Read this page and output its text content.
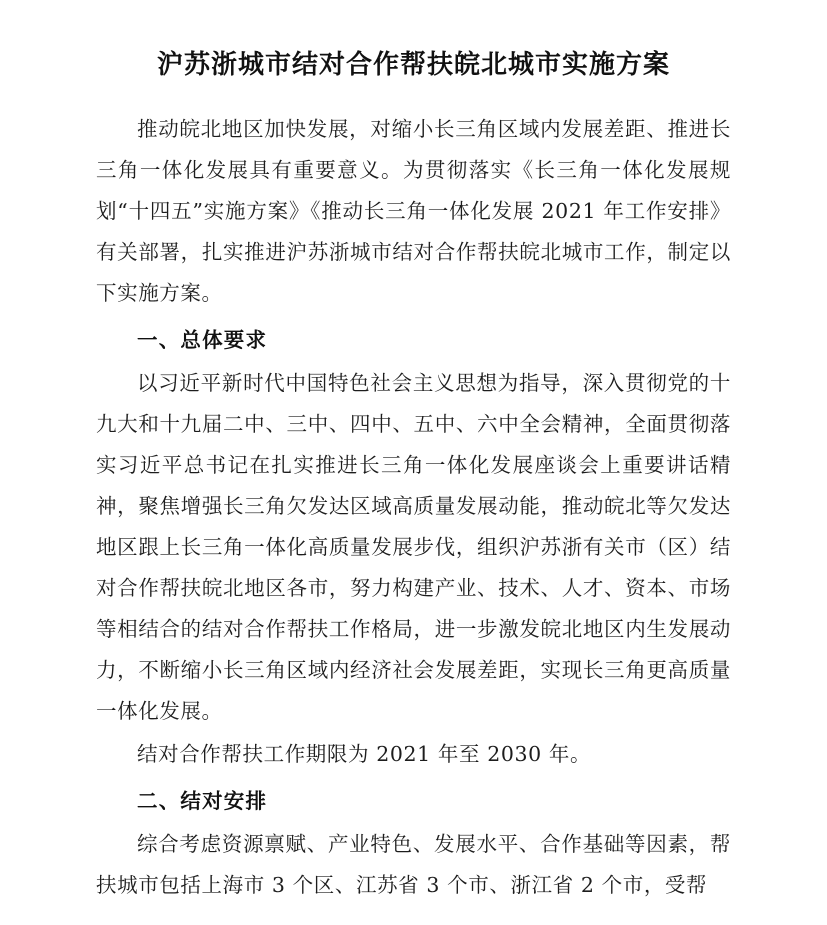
沪苏浙城市结对合作帮扶皖北城市实施方案

推动皖北地区加快发展，对缩小长三角区域内发展差距、推进长三角一体化发展具有重要意义。为贯彻落实《长三角一体化发展规划“十四五”实施方案》《推动长三角一体化发展 2021 年工作安排》有关部署，扎实推进沪苏浙城市结对合作帮扶皖北城市工作，制定以下实施方案。

一、总体要求

以习近平新时代中国特色社会主义思想为指导，深入贯彻党的十九大和十九届二中、三中、四中、五中、六中全会精神，全面贯彻落实习近平总书记在扎实推进长三角一体化发展座谈会上重要讲话精神，聚焦增强长三角欠发达区域高质量发展动能，推动皖北等欠发达地区跟上长三角一体化高质量发展步伐，组织沪苏浙有关市（区）结对合作帮扶皖北地区各市，努力构建产业、技术、人才、资本、市场等相结合的结对合作帮扶工作格局，进一步激发皖北地区内生发展动力，不断缩小长三角区域内经济社会发展差距，实现长三角更高质量一体化发展。

结对合作帮扶工作期限为 2021 年至 2030 年。

二、结对安排

综合考虑资源禀赋、产业特色、发展水平、合作基础等因素，帮扶城市包括上海市 3 个区、江苏省 3 个市、浙江省 2 个市，受帮
